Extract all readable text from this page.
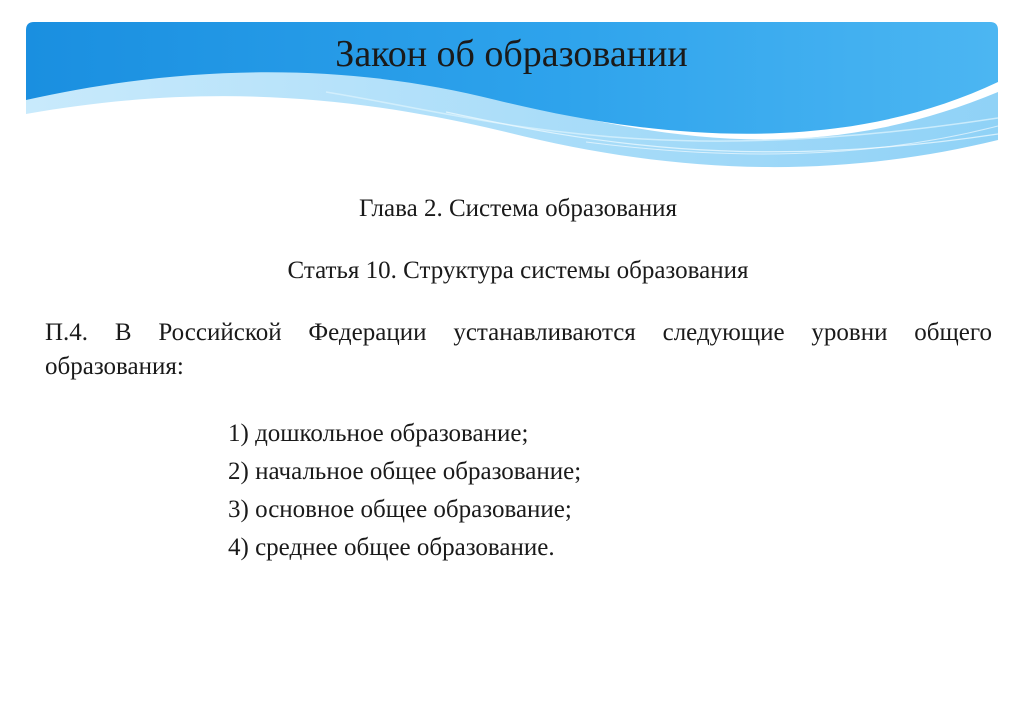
Закон об образовании

Глава 2. Система образования

Статья 10. Структура системы образования

П.4. В Российской Федерации устанавливаются следующие уровни общего образования:

1) дошкольное образование;
2) начальное общее образование;
3) основное общее образование;
4) среднее общее образование.
